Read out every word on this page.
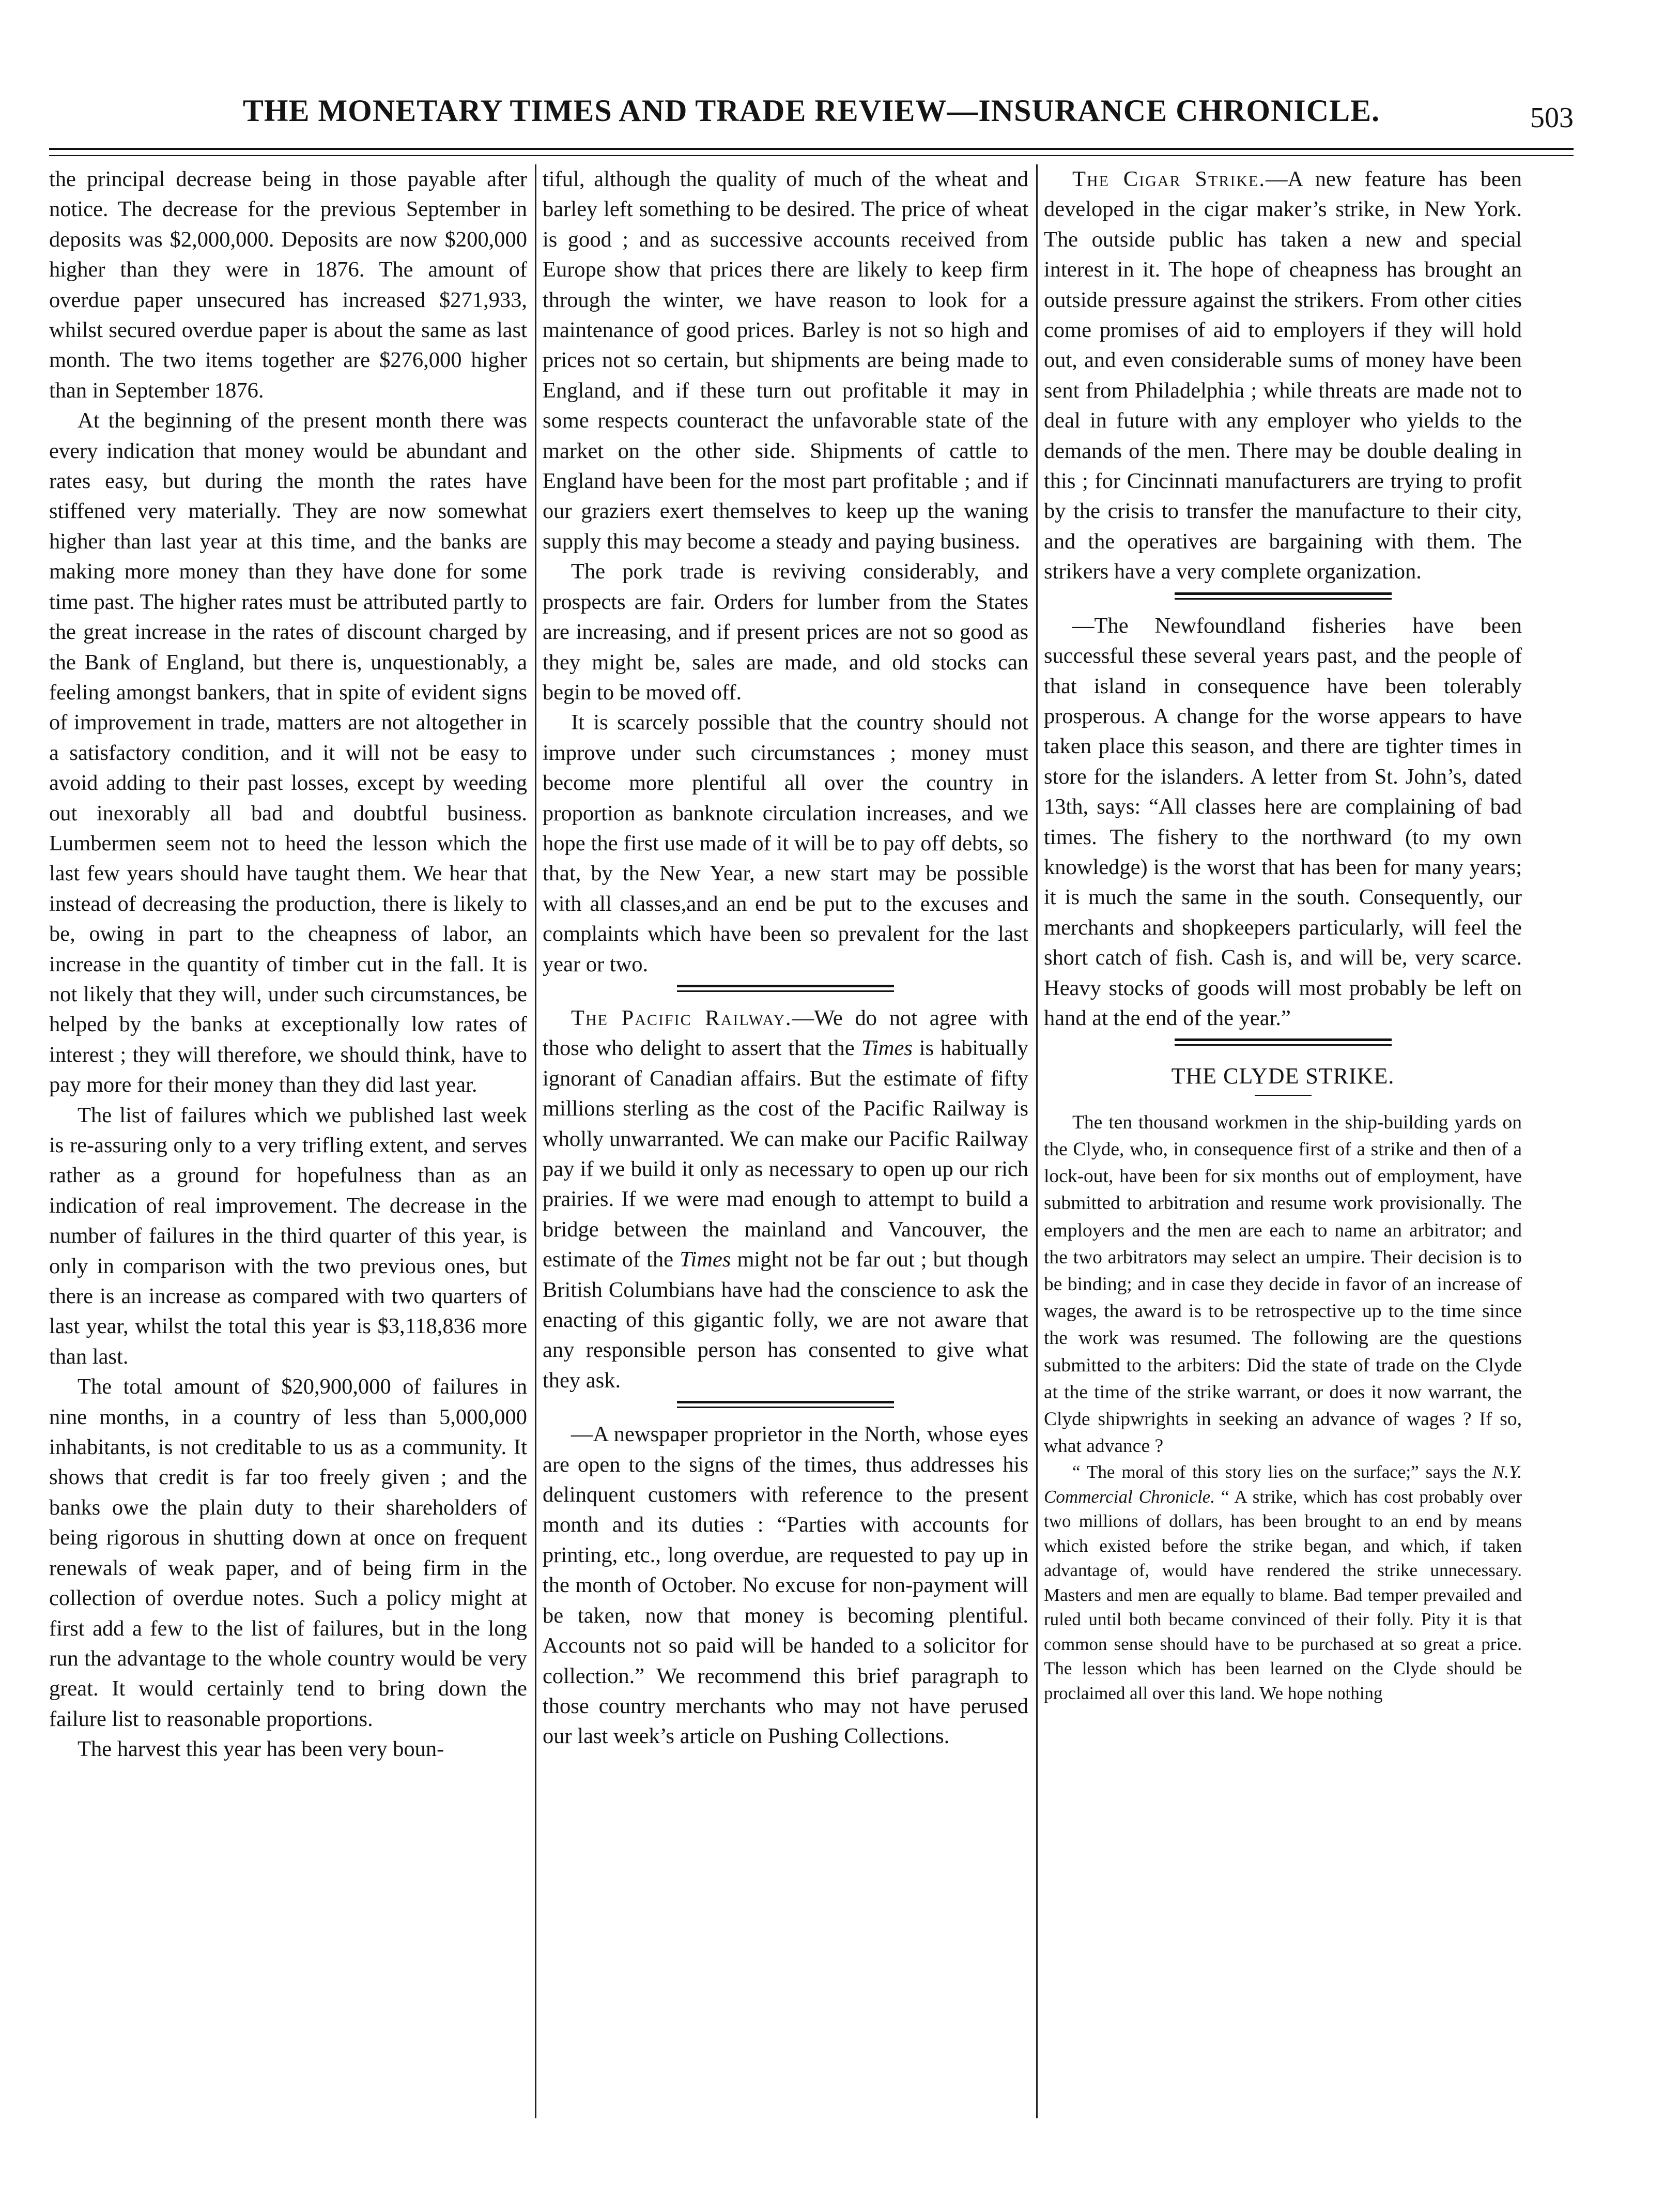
THE MONETARY TIMES AND TRADE REVIEW—INSURANCE CHRONICLE.	503

the principal decrease being in those payable after notice. The decrease for the previous September in deposits was $2,000,000. Deposits are now $200,000 higher than they were in 1876. The amount of overdue paper unsecured has increased $271,933, whilst secured overdue paper is about the same as last month. The two items together are $276,000 higher than in September 1876.

At the beginning of the present month there was every indication that money would be abundant and rates easy, but during the month the rates have stiffened very materially. They are now somewhat higher than last year at this time, and the banks are making more money than they have done for some time past. The higher rates must be attributed partly to the great increase in the rates of discount charged by the Bank of England, but there is, unquestionably, a feeling amongst bankers, that in spite of evident signs of improvement in trade, matters are not altogether in a satisfactory condition, and it will not be easy to avoid adding to their past losses, except by weeding out inexorably all bad and doubtful business. Lumbermen seem not to heed the lesson which the last few years should have taught them. We hear that instead of decreasing the production, there is likely to be, owing in part to the cheapness of labor, an increase in the quantity of timber cut in the fall. It is not likely that they will, under such circumstances, be helped by the banks at exceptionally low rates of interest ; they will therefore, we should think, have to pay more for their money than they did last year.

The list of failures which we published last week is re-assuring only to a very trifling extent, and serves rather as a ground for hopefulness than as an indication of real improvement. The decrease in the number of failures in the third quarter of this year, is only in comparison with the two previous ones, but there is an increase as compared with two quarters of last year, whilst the total this year is $3,118,836 more than last.

The total amount of $20,900,000 of failures in nine months, in a country of less than 5,000,000 inhabitants, is not creditable to us as a community. It shows that credit is far too freely given ; and the banks owe the plain duty to their shareholders of being rigorous in shutting down at once on frequent renewals of weak paper, and of being firm in the collection of overdue notes. Such a policy might at first add a few to the list of failures, but in the long run the advantage to the whole country would be very great. It would certainly tend to bring down the failure list to reasonable proportions.

The harvest this year has been very boun-

tiful, although the quality of much of the wheat and barley left something to be desired. The price of wheat is good ; and as successive accounts received from Europe show that prices there are likely to keep firm through the winter, we have reason to look for a maintenance of good prices. Barley is not so high and prices not so certain, but shipments are being made to England, and if these turn out profitable it may in some respects counteract the unfavorable state of the market on the other side. Shipments of cattle to England have been for the most part profitable ; and if our graziers exert themselves to keep up the waning supply this may become a steady and paying business.

The pork trade is reviving considerably, and prospects are fair. Orders for lumber from the States are increasing, and if present prices are not so good as they might be, sales are made, and old stocks can begin to be moved off.

It is scarcely possible that the country should not improve under such circumstances ; money must become more plentiful all over the country in proportion as banknote circulation increases, and we hope the first use made of it will be to pay off debts, so that, by the New Year, a new start may be possible with all classes,and an end be put to the excuses and complaints which have been so prevalent for the last year or two.

The Pacific Railway.—We do not agree with those who delight to assert that the Times is habitually ignorant of Canadian affairs. But the estimate of fifty millions sterling as the cost of the Pacific Railway is wholly unwarranted. We can make our Pacific Railway pay if we build it only as necessary to open up our rich prairies. If we were mad enough to attempt to build a bridge between the mainland and Vancouver, the estimate of the Times might not be far out ; but though British Columbians have had the conscience to ask the enacting of this gigantic folly, we are not aware that any responsible person has consented to give what they ask.

—A newspaper proprietor in the North, whose eyes are open to the signs of the times, thus addresses his delinquent customers with reference to the present month and its duties : “Parties with accounts for printing, etc., long overdue, are requested to pay up in the month of October. No excuse for non-payment will be taken, now that money is becoming plentiful. Accounts not so paid will be handed to a solicitor for collection.” We recommend this brief paragraph to those country merchants who may not have perused our last week’s article on Pushing Collections.

The Cigar Strike.—A new feature has been developed in the cigar maker’s strike, in New York. The outside public has taken a new and special interest in it. The hope of cheapness has brought an outside pressure against the strikers. From other cities come promises of aid to employers if they will hold out, and even considerable sums of money have been sent from Philadelphia ; while threats are made not to deal in future with any employer who yields to the demands of the men. There may be double dealing in this ; for Cincinnati manufacturers are trying to profit by the crisis to transfer the manufacture to their city, and the operatives are bargaining with them. The strikers have a very complete organization.

—The Newfoundland fisheries have been successful these several years past, and the people of that island in consequence have been tolerably prosperous. A change for the worse appears to have taken place this season, and there are tighter times in store for the islanders. A letter from St. John’s, dated 13th, says: “All classes here are complaining of bad times. The fishery to the northward (to my own knowledge) is the worst that has been for many years; it is much the same in the south. Consequently, our merchants and shopkeepers particularly, will feel the short catch of fish. Cash is, and will be, very scarce. Heavy stocks of goods will most probably be left on hand at the end of the year.”

THE CLYDE STRIKE.

The ten thousand workmen in the ship-building yards on the Clyde, who, in consequence first of a strike and then of a lock-out, have been for six months out of employment, have submitted to arbitration and resume work provisionally. The employers and the men are each to name an arbitrator; and the two arbitrators may select an umpire. Their decision is to be binding; and in case they decide in favor of an increase of wages, the award is to be retrospective up to the time since the work was resumed. The following are the questions submitted to the arbiters: Did the state of trade on the Clyde at the time of the strike warrant, or does it now warrant, the Clyde shipwrights in seeking an advance of wages ? If so, what advance ?

“ The moral of this story lies on the surface;” says the N.Y. Commercial Chronicle. “ A strike, which has cost probably over two millions of dollars, has been brought to an end by means which existed before the strike began, and which, if taken advantage of, would have rendered the strike unnecessary. Masters and men are equally to blame. Bad temper prevailed and ruled until both became convinced of their folly. Pity it is that common sense should have to be purchased at so great a price. The lesson which has been learned on the Clyde should be proclaimed all over this land. We hope nothing
